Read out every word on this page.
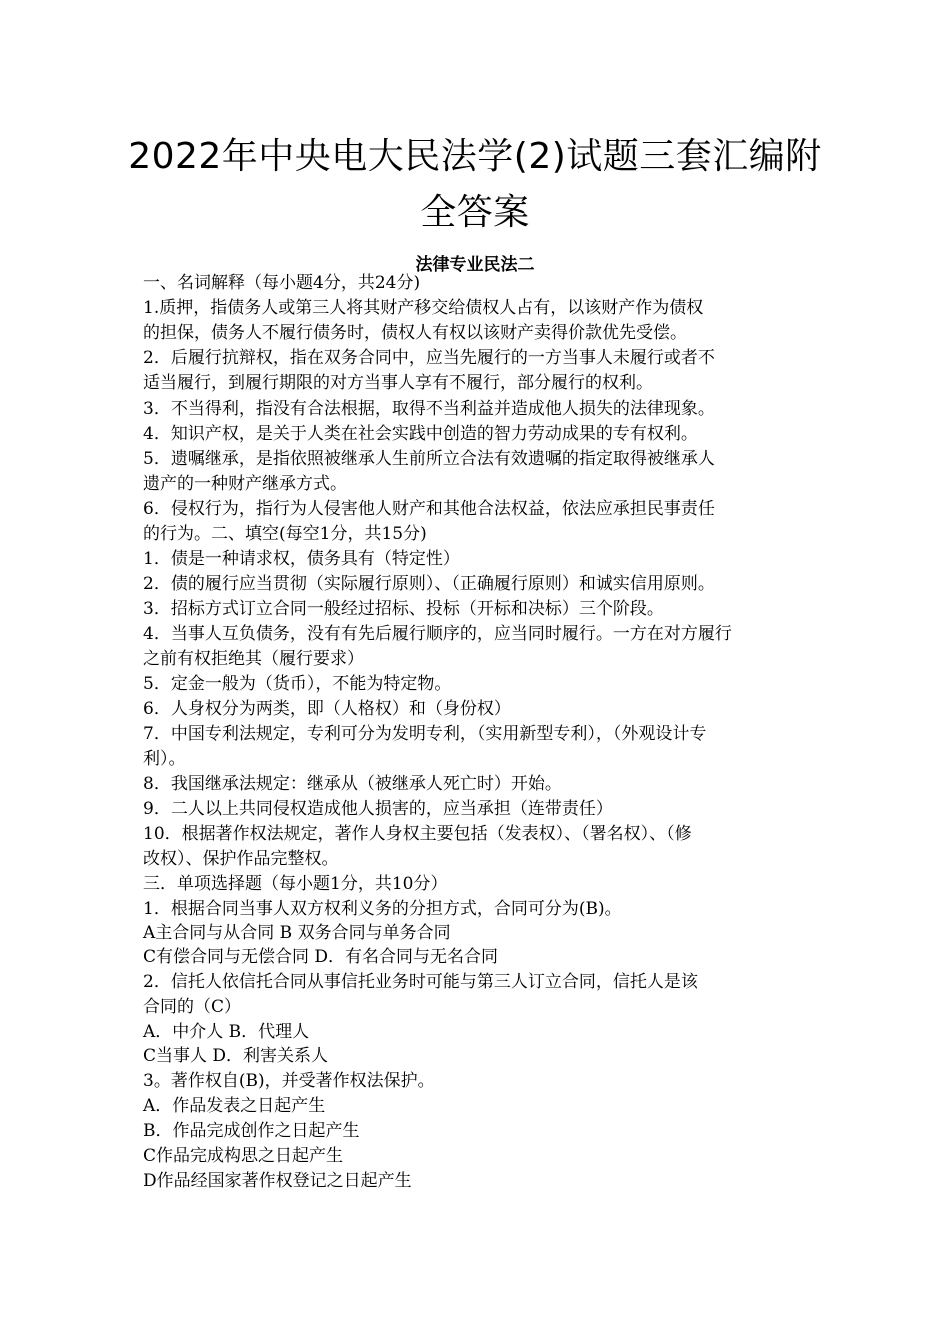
2022年中央电大民法学(2)试题三套汇编附
全答案
法律专业民法二
一、名词解释（每小题4分，共24分)
1.质押，指债务人或第三人将其财产移交给债权人占有，以该财产作为债权
的担保，债务人不履行债务时，债权人有权以该财产卖得价款优先受偿。
2．后履行抗辩权，指在双务合同中，应当先履行的一方当事人未履行或者不
适当履行，到履行期限的对方当事人享有不履行，部分履行的权利。
3．不当得利，指没有合法根据，取得不当利益并造成他人损失的法律现象。
4．知识产权，是关于人类在社会实践中创造的智力劳动成果的专有权利。
5．遗嘱继承，是指依照被继承人生前所立合法有效遗嘱的指定取得被继承人
遗产的一种财产继承方式。
6．侵权行为，指行为人侵害他人财产和其他合法权益，依法应承担民事责任
的行为。二、填空(每空1分，共15分)
1．债是一种请求权，债务具有（特定性）
2．债的履行应当贯彻（实际履行原则）、（正确履行原则）和诚实信用原则。
3．招标方式订立合同一般经过招标、投标（开标和决标）三个阶段。
4．当事人互负债务，没有有先后履行顺序的，应当同时履行。一方在对方履行
之前有权拒绝其（履行要求）
5．定金一般为（货币），不能为特定物。
6．人身权分为两类，即（人格权）和（身份权）
7．中国专利法规定，专利可分为发明专利，（实用新型专利），（外观设计专
利）。
8．我国继承法规定：继承从（被继承人死亡时）开始。
9．二人以上共同侵权造成他人损害的，应当承担（连带责任）
10．根据著作权法规定，著作人身权主要包括（发表权）、（署名权）、（修
改权）、保护作品完整权。
三．单项选择题（每小题1分，共10分）
1．根据合同当事人双方权利义务的分担方式，合同可分为(B)。
A主合同与从合同 B 双务合同与单务合同
C有偿合同与无偿合同 D．有名合同与无名合同
2．信托人依信托合同从事信托业务时可能与第三人订立合同，信托人是该
合同的（C）
A．中介人 B．代理人
C当事人 D．利害关系人
3。著作权自(B)，并受著作权法保护。
A．作品发表之日起产生
B．作品完成创作之日起产生
C作品完成构思之日起产生
D作品经国家著作权登记之日起产生
